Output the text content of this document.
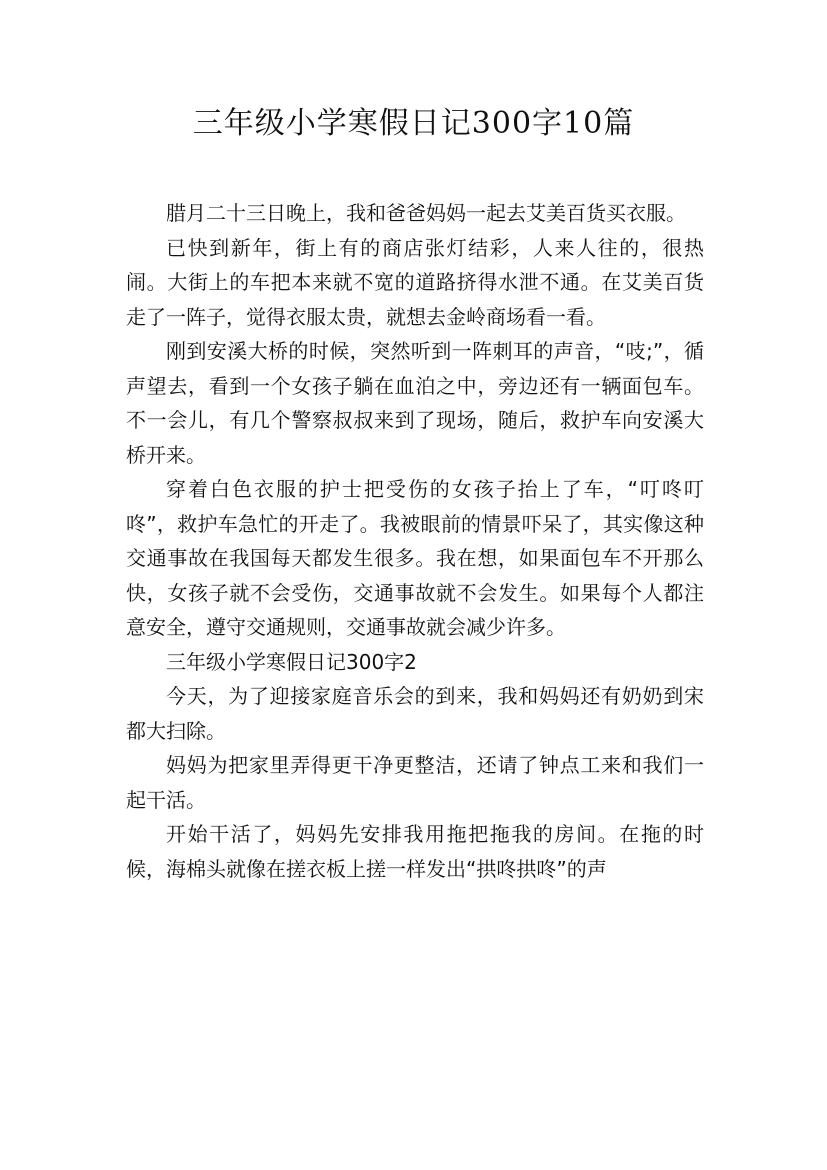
三年级小学寒假日记300字10篇

腊月二十三日晚上，我和爸爸妈妈一起去艾美百货买衣服。

已快到新年，街上有的商店张灯结彩，人来人往的，很热闹。大街上的车把本来就不宽的道路挤得水泄不通。在艾美百货走了一阵子，觉得衣服太贵，就想去金岭商场看一看。

刚到安溪大桥的时候，突然听到一阵刺耳的声音，“吱;”，循声望去，看到一个女孩子躺在血泊之中，旁边还有一辆面包车。不一会儿，有几个警察叔叔来到了现场，随后，救护车向安溪大桥开来。

穿着白色衣服的护士把受伤的女孩子抬上了车，“叮咚叮咚”，救护车急忙的开走了。我被眼前的情景吓呆了，其实像这种交通事故在我国每天都发生很多。我在想，如果面包车不开那么快，女孩子就不会受伤，交通事故就不会发生。如果每个人都注意安全，遵守交通规则，交通事故就会减少许多。

三年级小学寒假日记300字2

今天，为了迎接家庭音乐会的到来，我和妈妈还有奶奶到宋都大扫除。

妈妈为把家里弄得更干净更整洁，还请了钟点工来和我们一起干活。

开始干活了，妈妈先安排我用拖把拖我的房间。在拖的时候，海棉头就像在搓衣板上搓一样发出“拱咚拱咚”的声
